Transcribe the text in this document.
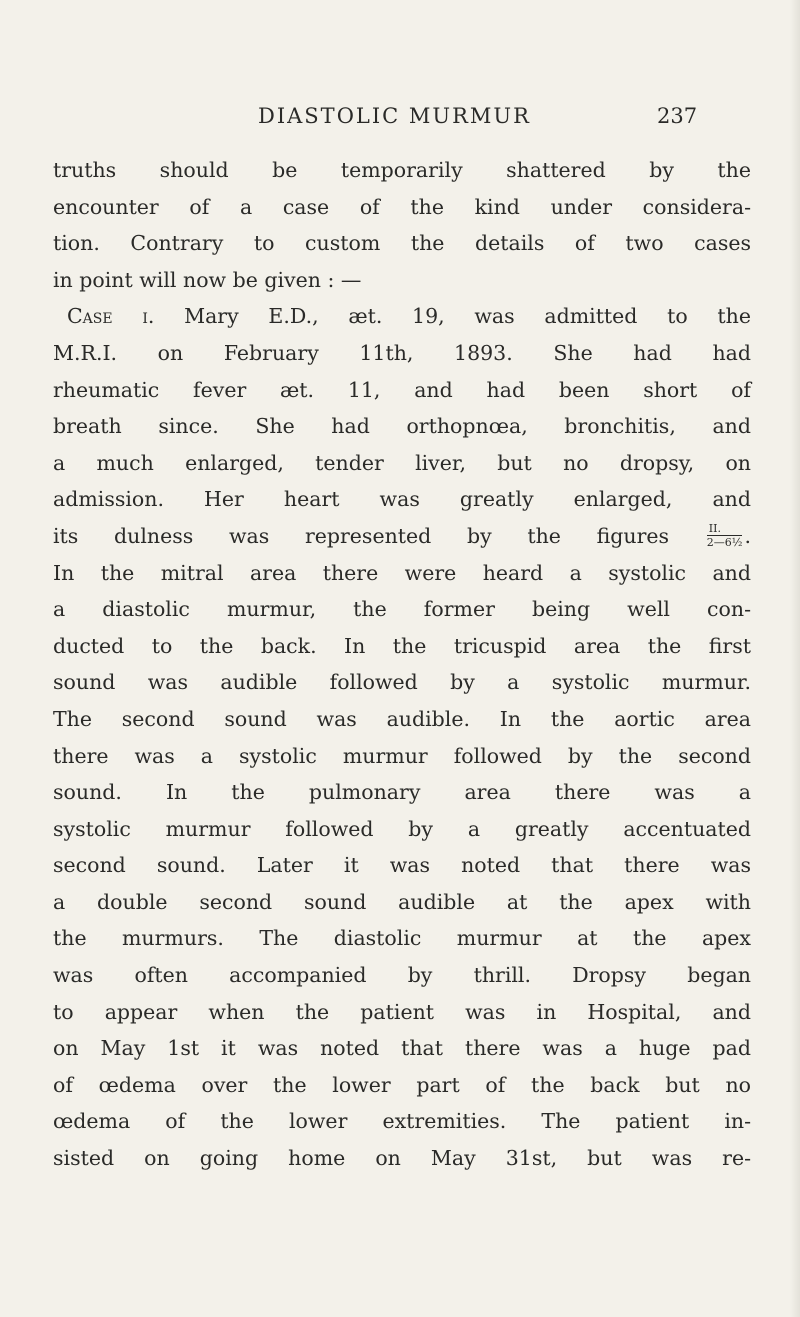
DIASTOLIC MURMUR	237
truths should be temporarily shattered by the
encounter of a case of the kind under considera-
tion. Contrary to custom the details of two cases
in point will now be given : —
Case i. Mary E.D., æt. 19, was admitted to the
M.R.I. on February 11th, 1893. She had had
rheumatic fever æt. 11, and had been short of
breath since. She had orthopnœa, bronchitis, and
a much enlarged, tender liver, but no dropsy, on
admission. Her heart was greatly enlarged, and
its dulness was represented by the figures	$\frac{II.}{\text{2—6½}}$ .
In the mitral area there were heard a systolic and
a diastolic murmur, the former being well con-
ducted to the back. In the tricuspid area the first
sound was audible followed by a systolic murmur.
The second sound was audible. In the aortic area
there was a systolic murmur followed by the second
sound. In the pulmonary area there was a
systolic murmur followed by a greatly accentuated
second sound. Later it was noted that there was
a double second sound audible at the apex with
the murmurs. The diastolic murmur at the apex
was often accompanied by thrill. Dropsy began
to appear when the patient was in Hospital, and
on May 1st it was noted that there was a huge pad
of œdema over the lower part of the back but no
œdema of the lower extremities. The patient in-
sisted on going home on May 31st, but was re-
